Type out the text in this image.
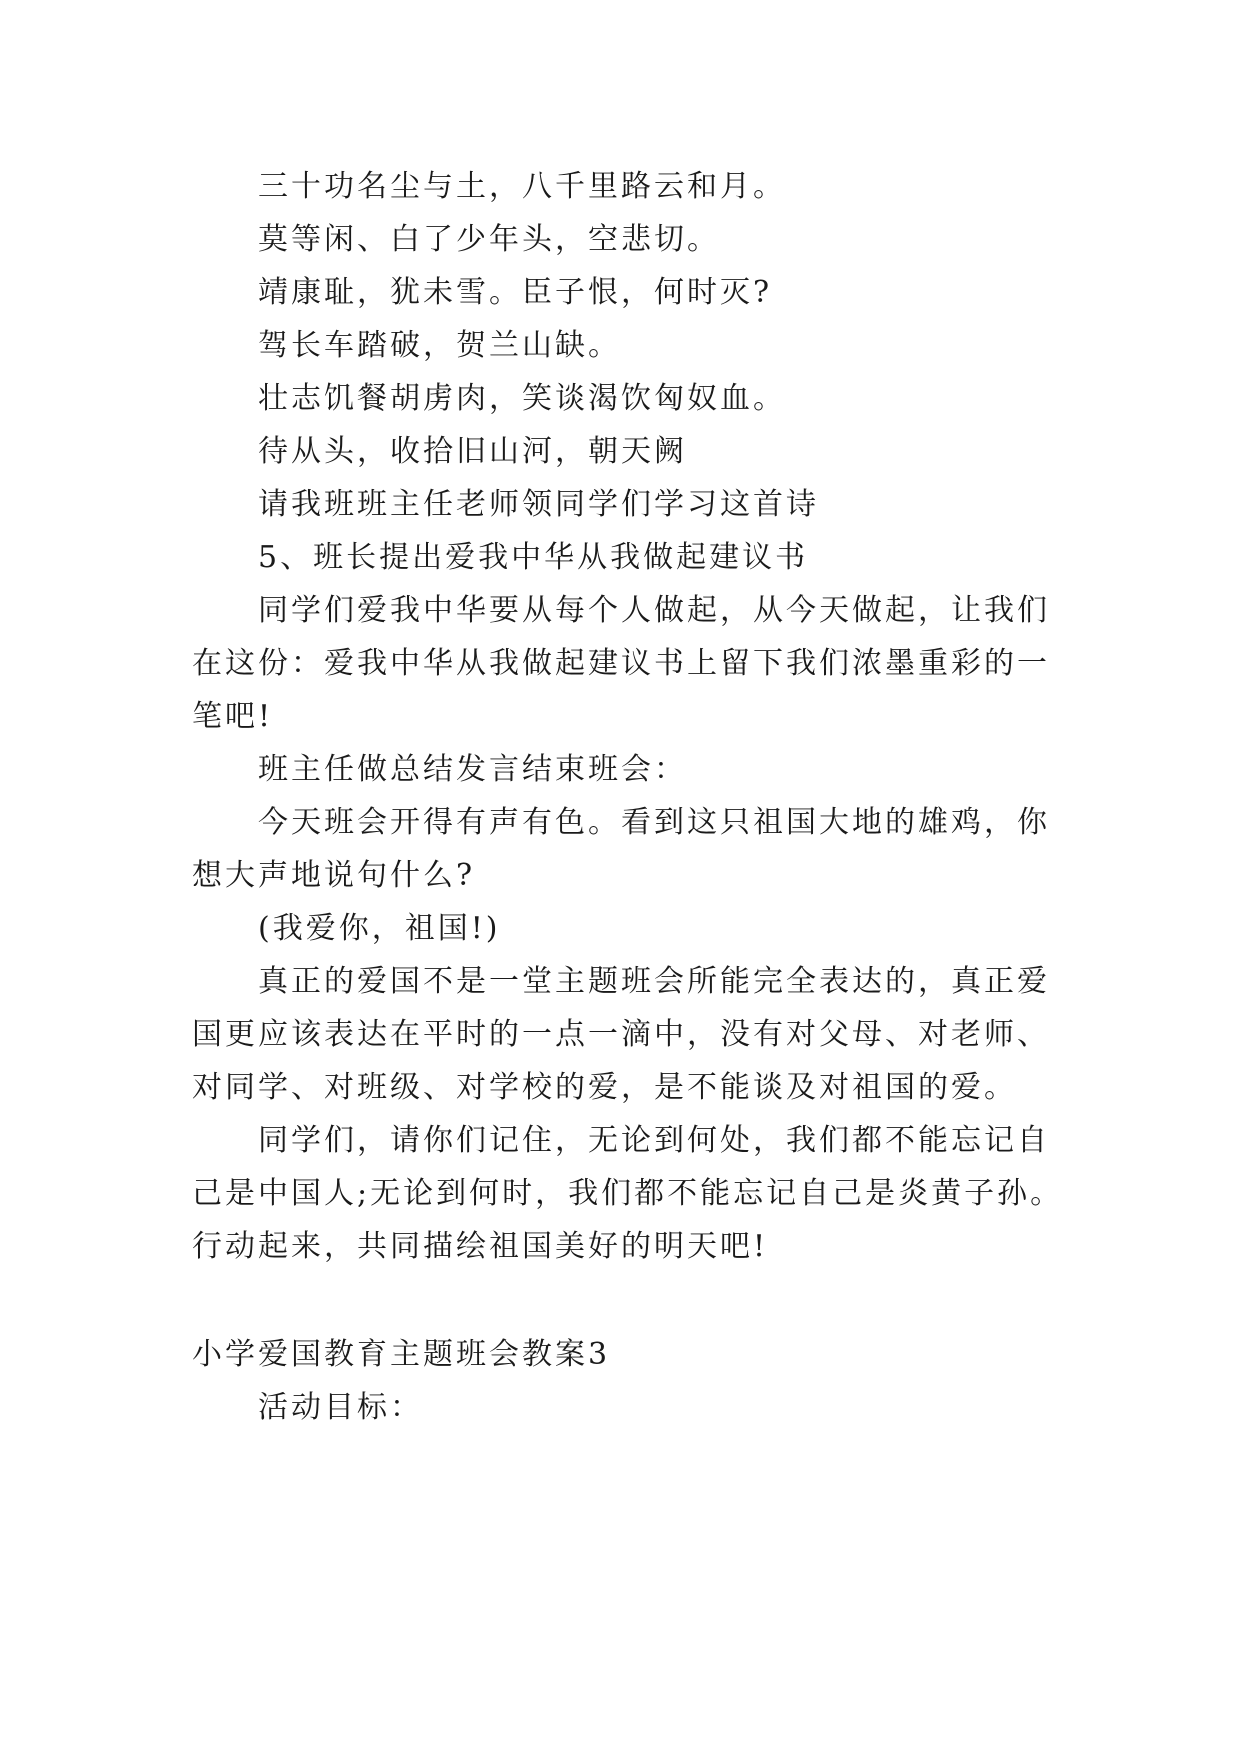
三十功名尘与土，八千里路云和月。
莫等闲、白了少年头，空悲切。
靖康耻，犹未雪。臣子恨，何时灭?
驾长车踏破，贺兰山缺。
壮志饥餐胡虏肉，笑谈渴饮匈奴血。
待从头，收拾旧山河，朝天阙
请我班班主任老师领同学们学习这首诗
5、班长提出爱我中华从我做起建议书
同学们爱我中华要从每个人做起，从今天做起，让我们
在这份：爱我中华从我做起建议书上留下我们浓墨重彩的一
笔吧!
班主任做总结发言结束班会：
今天班会开得有声有色。看到这只祖国大地的雄鸡，你
想大声地说句什么?
(我爱你，祖国!)
真正的爱国不是一堂主题班会所能完全表达的，真正爱
国更应该表达在平时的一点一滴中，没有对父母、对老师、
对同学、对班级、对学校的爱，是不能谈及对祖国的爱。
同学们，请你们记住，无论到何处，我们都不能忘记自
己是中国人;无论到何时，我们都不能忘记自己是炎黄子孙。
行动起来，共同描绘祖国美好的明天吧!
小学爱国教育主题班会教案3
活动目标：
